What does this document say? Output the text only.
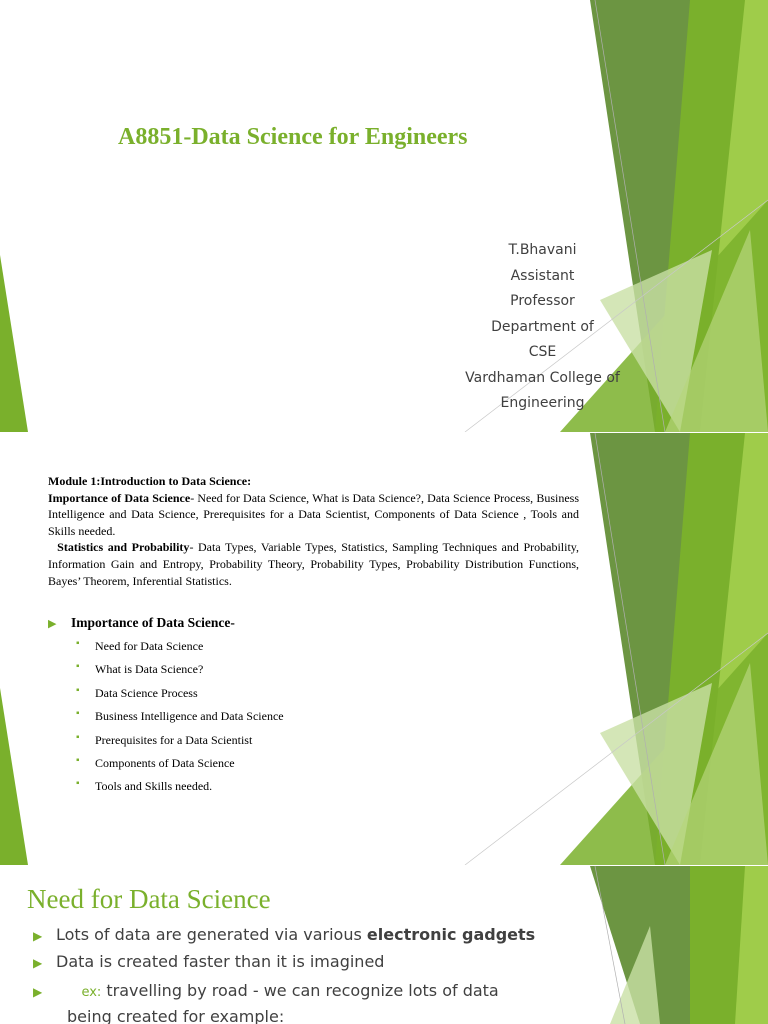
A8851-Data Science for Engineers
T.Bhavani
Assistant
Professor
Department of
CSE
Vardhaman College of
Engineering
Module 1:Introduction to Data Science:
Importance of Data Science- Need for Data Science, What is Data Science?, Data Science Process, Business Intelligence and Data Science, Prerequisites for a Data Scientist, Components of Data Science , Tools and Skills needed.
Statistics and Probability- Data Types, Variable Types, Statistics, Sampling Techniques and Probability, Information Gain and Entropy, Probability Theory, Probability Types, Probability Distribution Functions, Bayes’ Theorem, Inferential Statistics.
▶ Importance of Data Science-
▪ Need for Data Science
▪ What is Data Science?
▪ Data Science Process
▪ Business Intelligence and Data Science
▪ Prerequisites for a Data Scientist
▪ Components of Data Science
▪ Tools and Skills needed.
Need for Data Science
▶ Lots of data are generated via various electronic gadgets
▶ Data is created faster than it is imagined
▶	ex: travelling by road - we can recognize lots of data
being created for example:
